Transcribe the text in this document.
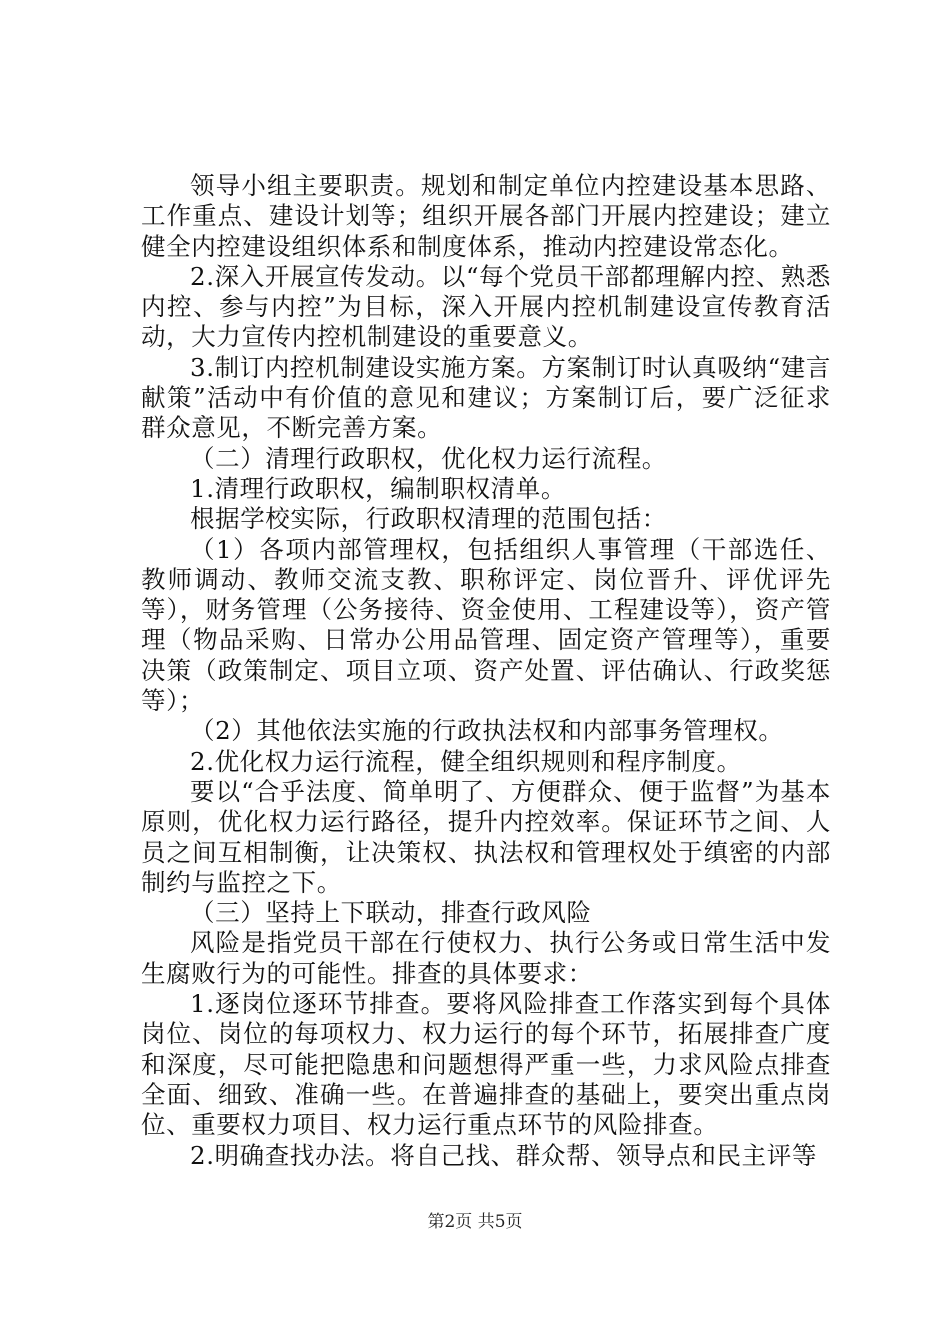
领导小组主要职责。规划和制定单位内控建设基本思路、工作重点、建设计划等；组织开展各部门开展内控建设；建立健全内控建设组织体系和制度体系，推动内控建设常态化。

2.深入开展宣传发动。以“每个党员干部都理解内控、熟悉内控、参与内控”为目标，深入开展内控机制建设宣传教育活动，大力宣传内控机制建设的重要意义。

3.制订内控机制建设实施方案。方案制订时认真吸纳“建言献策”活动中有价值的意见和建议；方案制订后，要广泛征求群众意见，不断完善方案。

（二）清理行政职权，优化权力运行流程。

1.清理行政职权，编制职权清单。

根据学校实际，行政职权清理的范围包括：

（1）各项内部管理权，包括组织人事管理（干部选任、教师调动、教师交流支教、职称评定、岗位晋升、评优评先等），财务管理（公务接待、资金使用、工程建设等），资产管理（物品采购、日常办公用品管理、固定资产管理等），重要决策（政策制定、项目立项、资产处置、评估确认、行政奖惩等）；

（2）其他依法实施的行政执法权和内部事务管理权。

2.优化权力运行流程，健全组织规则和程序制度。

要以“合乎法度、简单明了、方便群众、便于监督”为基本原则，优化权力运行路径，提升内控效率。保证环节之间、人员之间互相制衡，让决策权、执法权和管理权处于缜密的内部制约与监控之下。

（三）坚持上下联动，排查行政风险

风险是指党员干部在行使权力、执行公务或日常生活中发生腐败行为的可能性。排查的具体要求：

1.逐岗位逐环节排查。要将风险排查工作落实到每个具体岗位、岗位的每项权力、权力运行的每个环节，拓展排查广度和深度，尽可能把隐患和问题想得严重一些，力求风险点排查全面、细致、准确一些。在普遍排查的基础上，要突出重点岗位、重要权力项目、权力运行重点环节的风险排查。

2.明确查找办法。将自己找、群众帮、领导点和民主评等

第2页 共5页
